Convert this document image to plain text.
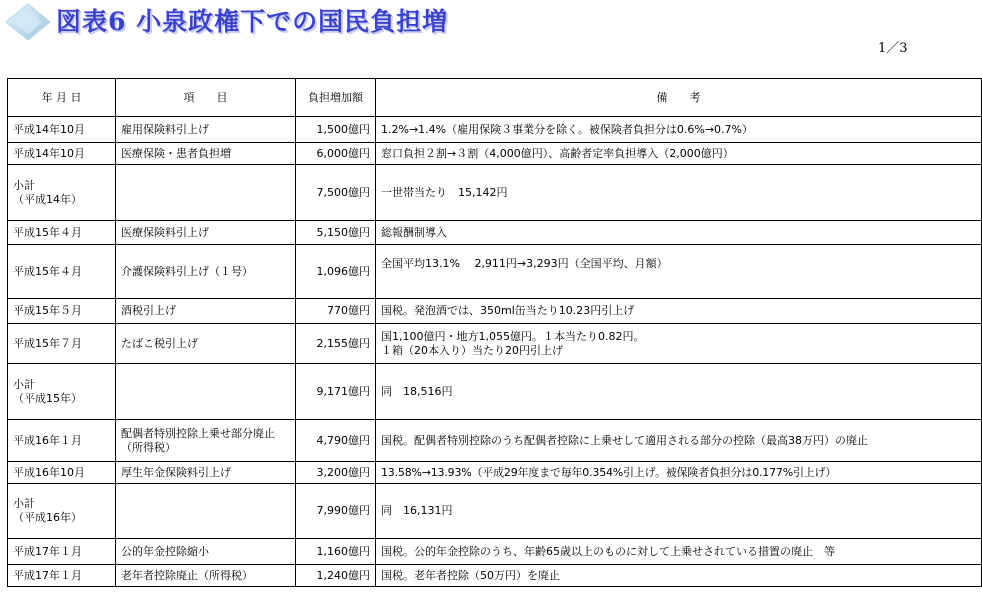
図表6 小泉政権下での国民負担増
1／3
年 月 日	項　　目	負担増加額	備　　考
平成14年10月	雇用保険料引上げ	1,500億円	1.2%→1.4%（雇用保険３事業分を除く。被保険者負担分は0.6%→0.7%）
平成14年10月	医療保険・患者負担増	6,000億円	窓口負担２割→３割（4,000億円）、高齢者定率負担導入（2,000億円）
小計
（平成14年）		7,500億円	一世帯当たり　15,142円
平成15年４月	医療保険料引上げ	5,150億円	総報酬制導入
平成15年４月	介護保険料引上げ（１号）	1,096億円	全国平均13.1%　 2,911円→3,293円（全国平均、月額）
平成15年５月	酒税引上げ	770億円	国税。発泡酒では、350ml缶当たり10.23円引上げ
平成15年７月	たばこ税引上げ	2,155億円	国1,100億円・地方1,055億円。１本当たり0.82円。
１箱（20本入り）当たり20円引上げ
小計
（平成15年）		9,171億円	同　18,516円
平成16年１月	配偶者特別控除上乗せ部分廃止（所得税）	4,790億円	国税。配偶者特別控除のうち配偶者控除に上乗せして適用される部分の控除（最高38万円）の廃止
平成16年10月	厚生年金保険料引上げ	3,200億円	13.58%→13.93%（平成29年度まで毎年0.354%引上げ。被保険者負担分は0.177%引上げ）
小計
（平成16年）		7,990億円	同　16,131円
平成17年１月	公的年金控除縮小	1,160億円	国税。公的年金控除のうち、年齢65歳以上のものに対して上乗せされている措置の廃止　等
平成17年１月	老年者控除廃止（所得税）	1,240億円	国税。老年者控除（50万円）を廃止
